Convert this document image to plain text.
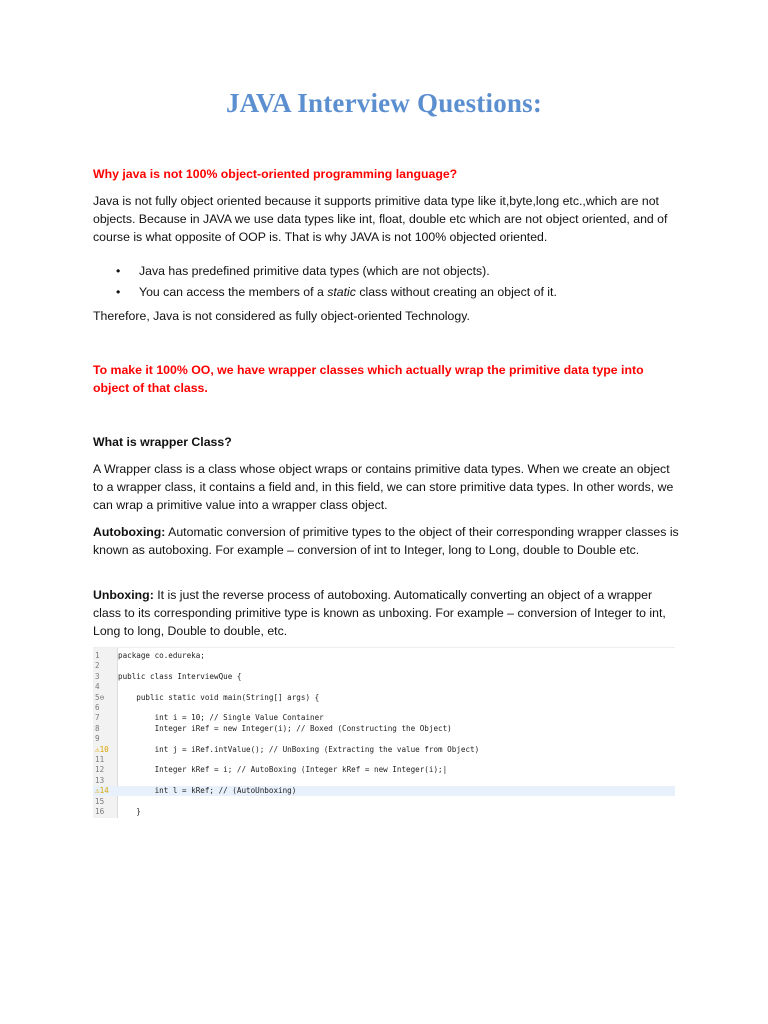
JAVA Interview Questions:
Why java is not 100% object-oriented programming language?
Java is not fully object oriented because it supports primitive data type like it,byte,long etc.,which are not objects. Because in JAVA we use data types like int, float, double etc which are not object oriented, and of course is what opposite of OOP is. That is why JAVA is not 100% objected oriented.
• Java has predefined primitive data types (which are not objects).
• You can access the members of a static class without creating an object of it.
Therefore, Java is not considered as fully object-oriented Technology.
To make it 100% OO, we have wrapper classes which actually wrap the primitive data type into object of that class.
What is wrapper Class?
A Wrapper class is a class whose object wraps or contains primitive data types. When we create an object to a wrapper class, it contains a field and, in this field, we can store primitive data types. In other words, we can wrap a primitive value into a wrapper class object.
Autoboxing: Automatic conversion of primitive types to the object of their corresponding wrapper classes is known as autoboxing. For example – conversion of int to Integer, long to Long, double to Double etc.
Unboxing: It is just the reverse process of autoboxing. Automatically converting an object of a wrapper class to its corresponding primitive type is known as unboxing. For example – conversion of Integer to int, Long to long, Double to double, etc.
1	package co.edureka;
2
3	public class InterviewQue {
4
5⊖	public static void main(String[] args) {
6
7	int i = 10; // Single Value Container
8	Integer iRef = new Integer(i); // Boxed (Constructing the Object)
9
⚠10	int j = iRef.intValue(); // UnBoxing (Extracting the value from Object)
11
12	Integer kRef = i; // AutoBoxing (Integer kRef = new Integer(i);|
13
⚠14	int l = kRef; // (AutoUnboxing)
15
16	}
